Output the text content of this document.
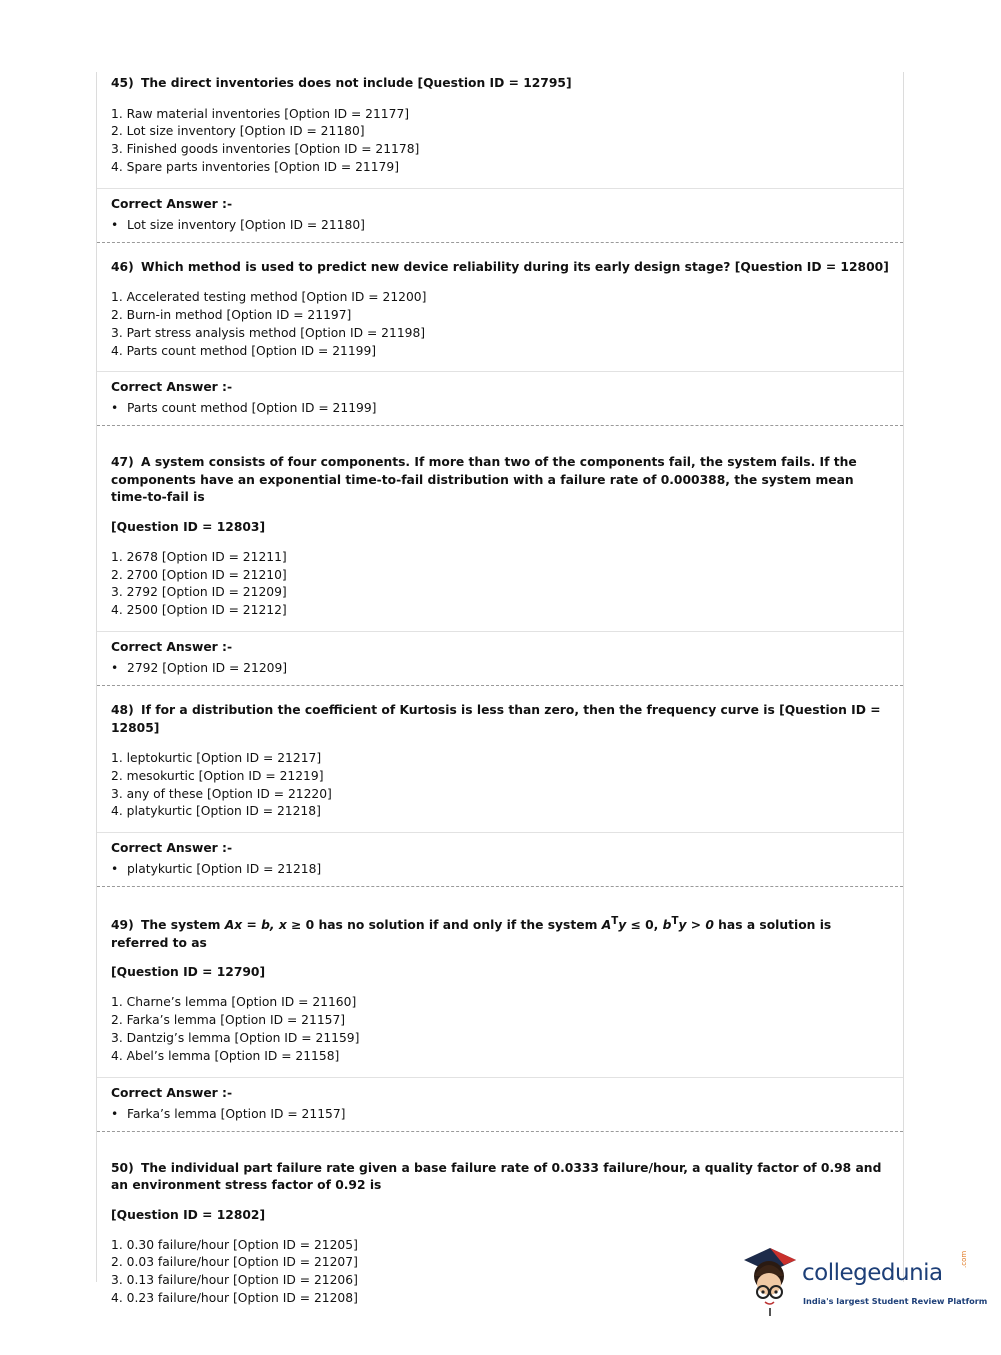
45) The direct inventories does not include [Question ID = 12795]

1. Raw material inventories [Option ID = 21177]
2. Lot size inventory [Option ID = 21180]
3. Finished goods inventories [Option ID = 21178]
4. Spare parts inventories [Option ID = 21179]

Correct Answer :-

• Lot size inventory [Option ID = 21180]

46) Which method is used to predict new device reliability during its early design stage? [Question ID = 12800]

1. Accelerated testing method [Option ID = 21200]
2. Burn-in method [Option ID = 21197]
3. Part stress analysis method [Option ID = 21198]
4. Parts count method [Option ID = 21199]

Correct Answer :-

• Parts count method [Option ID = 21199]

47) A system consists of four components. If more than two of the components fail, the system fails. If the components have an exponential time-to-fail distribution with a failure rate of 0.000388, the system mean time-to-fail is

[Question ID = 12803]

1. 2678 [Option ID = 21211]
2. 2700 [Option ID = 21210]
3. 2792 [Option ID = 21209]
4. 2500 [Option ID = 21212]

Correct Answer :-

• 2792 [Option ID = 21209]

48) If for a distribution the coefficient of Kurtosis is less than zero, then the frequency curve is [Question ID = 12805]

1. leptokurtic [Option ID = 21217]
2. mesokurtic [Option ID = 21219]
3. any of these [Option ID = 21220]
4. platykurtic [Option ID = 21218]

Correct Answer :-

• platykurtic [Option ID = 21218]

49) The system Ax = b, x ≥ 0 has no solution if and only if the system $A^Ty \le 0$, $b^Ty > 0$ has a solution is referred to as

[Question ID = 12790]

1. Charne’s lemma [Option ID = 21160]
2. Farka’s lemma [Option ID = 21157]
3. Dantzig’s lemma [Option ID = 21159]
4. Abel’s lemma [Option ID = 21158]

Correct Answer :-

• Farka’s lemma [Option ID = 21157]

50) The individual part failure rate given a base failure rate of 0.0333 failure/hour, a quality factor of 0.98 and an environment stress factor of 0.92 is

[Question ID = 12802]

1. 0.30 failure/hour [Option ID = 21205]
2. 0.03 failure/hour [Option ID = 21207]
3. 0.13 failure/hour [Option ID = 21206]
4. 0.23 failure/hour [Option ID = 21208]
collegedunia
.com
India's largest Student Review Platform
